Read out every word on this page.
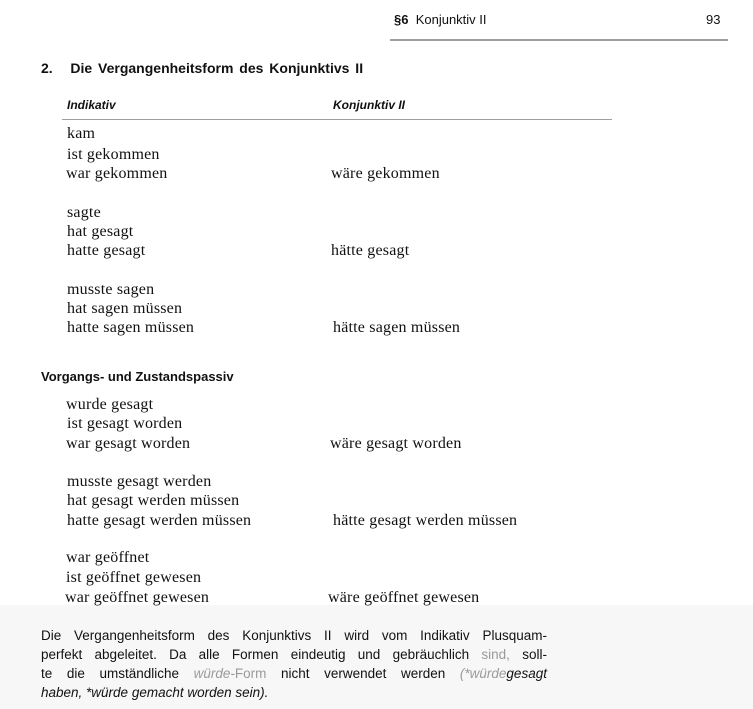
§6 Konjunktiv II	93
2. Die Vergangenheitsform des Konjunktivs II
Indikativ	Konjunktiv II
kam
ist gekommen
war gekommen	wäre gekommen
sagte
hat gesagt
hatte gesagt	hätte gesagt
musste sagen
hat sagen müssen
hatte sagen müssen	hätte sagen müssen
Vorgangs- und Zustandspassiv
wurde gesagt
ist gesagt worden
war gesagt worden	wäre gesagt worden
musste gesagt werden
hat gesagt werden müssen
hatte gesagt werden müssen	hätte gesagt werden müssen
war geöffnet
ist geöffnet gewesen
war geöffnet gewesen	wäre geöffnet gewesen
Die Vergangenheitsform des Konjunktivs II wird vom Indikativ Plusquam-
perfekt abgeleitet. Da alle Formen eindeutig und gebräuchlich sind, soll-
te die umständliche würde-Form nicht verwendet werden (*würdegesagt
haben, *würde gemacht worden sein).
